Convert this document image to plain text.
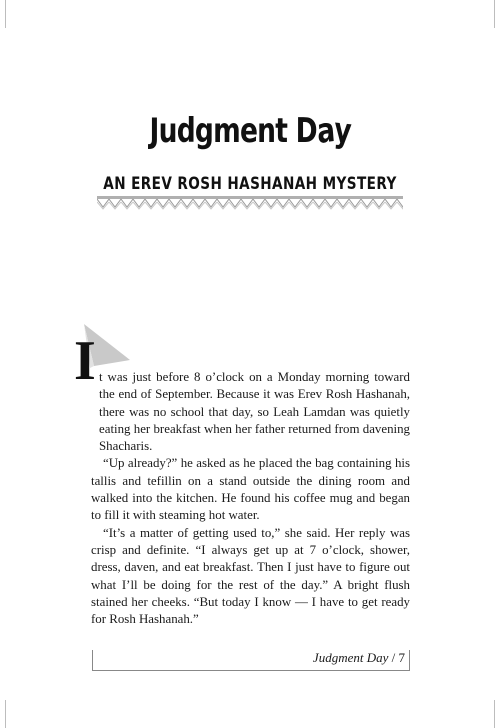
Judgment Day
AN EREV ROSH HASHANAH MYSTERY
I t was just before 8 o’clock on a Monday morning toward the end of September. Because it was Erev Rosh Hashanah, there was no school that day, so Leah Lamdan was quietly eating her breakfast when her father returned from davening Shacharis.

“Up already?” he asked as he placed the bag containing his tallis and tefillin on a stand outside the dining room and walked into the kitchen. He found his coffee mug and began to fill it with steaming hot water.

“It’s a matter of getting used to,” she said. Her reply was crisp and definite. “I always get up at 7 o’clock, shower, dress, daven, and eat breakfast. Then I just have to figure out what I’ll be doing for the rest of the day.” A bright flush stained her cheeks. “But today I know — I have to get ready for Rosh Hashanah.”

Judgment Day / 7
